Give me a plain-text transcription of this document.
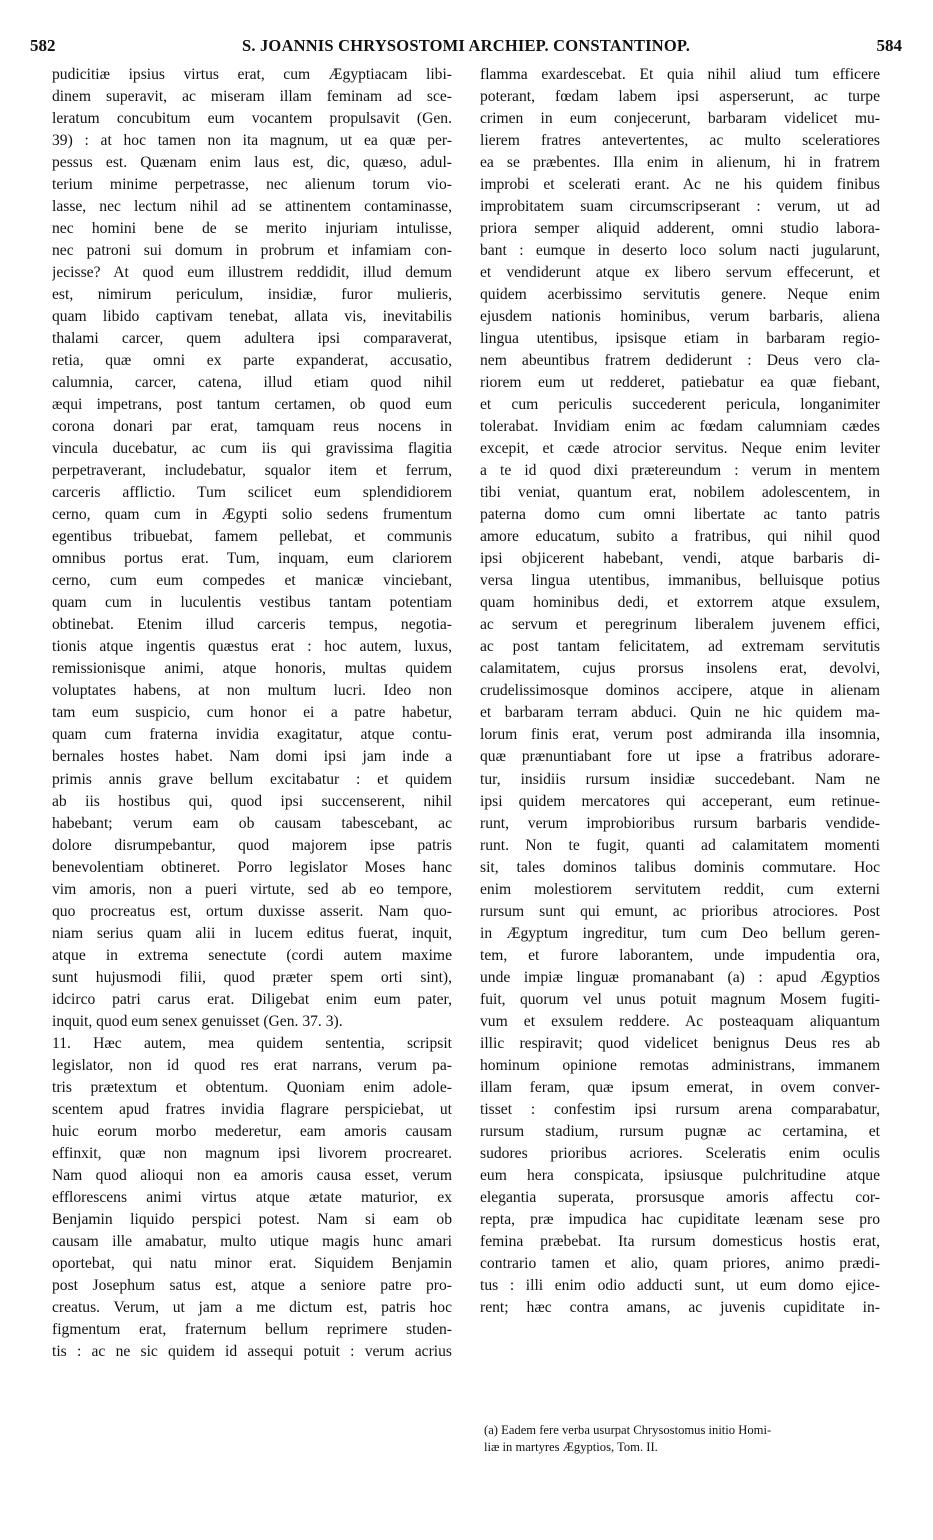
582	S. JOANNIS CHRYSOSTOMI ARCHIEP. CONSTANTINOP.	584
pudicitiæ ipsius virtus erat, cum Ægyptiacam libi-
dinem superavit, ac miseram illam feminam ad sce-
leratum concubitum eum vocantem propulsavit (Gen.
39) : at hoc tamen non ita magnum, ut ea quæ per-
pessus est. Quænam enim laus est, dic, quæso, adul-
terium minime perpetrasse, nec alienum torum vio-
lasse, nec lectum nihil ad se attinentem contaminasse,
nec homini bene de se merito injuriam intulisse,
nec patroni sui domum in probrum et infamiam con-
jecisse? At quod eum illustrem reddidit, illud demum
est, nimirum periculum, insidiæ, furor mulieris,
quam libido captivam tenebat, allata vis, inevitabilis
thalami carcer, quem adultera ipsi comparaverat,
retia, quæ omni ex parte expanderat, accusatio,
calumnia, carcer, catena, illud etiam quod nihil
æqui impetrans, post tantum certamen, ob quod eum
corona donari par erat, tamquam reus nocens in
vincula ducebatur, ac cum iis qui gravissima flagitia
perpetraverant, includebatur, squalor item et ferrum,
carceris afflictio. Tum scilicet eum splendidiorem
cerno, quam cum in Ægypti solio sedens frumentum
egentibus tribuebat, famem pellebat, et communis
omnibus portus erat. Tum, inquam, eum clariorem
cerno, cum eum compedes et manicæ vinciebant,
quam cum in luculentis vestibus tantam potentiam
obtinebat. Etenim illud carceris tempus, negotia-
tionis atque ingentis quæstus erat : hoc autem, luxus,
remissionisque animi, atque honoris, multas quidem
voluptates habens, at non multum lucri. Ideo non
tam eum suspicio, cum honor ei a patre habetur,
quam cum fraterna invidia exagitatur, atque contu-
bernales hostes habet. Nam domi ipsi jam inde a
primis annis grave bellum excitabatur : et quidem
ab iis hostibus qui, quod ipsi succenserent, nihil
habebant; verum eam ob causam tabescebant, ac
dolore disrumpebantur, quod majorem ipse patris
benevolentiam obtineret. Porro legislator Moses hanc
vim amoris, non a pueri virtute, sed ab eo tempore,
quo procreatus est, ortum duxisse asserit. Nam quo-
niam serius quam alii in lucem editus fuerat, inquit,
atque in extrema senectute (cordi autem maxime
sunt hujusmodi filii, quod præter spem orti sint),
idcirco patri carus erat. Diligebat enim eum pater,
inquit, quod eum senex genuisset (Gen. 37. 3).
11. Hæc autem, mea quidem sententia, scripsit
legislator, non id quod res erat narrans, verum pa-
tris prætextum et obtentum. Quoniam enim adole-
scentem apud fratres invidia flagrare perspiciebat, ut
huic eorum morbo mederetur, eam amoris causam
effinxit, quæ non magnum ipsi livorem procrearet.
Nam quod alioqui non ea amoris causa esset, verum
efflorescens animi virtus atque ætate maturior, ex
Benjamin liquido perspici potest. Nam si eam ob
causam ille amabatur, multo utique magis hunc amari
oportebat, qui natu minor erat. Siquidem Benjamin
post Josephum satus est, atque a seniore patre pro-
creatus. Verum, ut jam a me dictum est, patris hoc
figmentum erat, fraternum bellum reprimere studen-
tis : ac ne sic quidem id assequi potuit : verum acrius
flamma exardescebat. Et quia nihil aliud tum efficere
poterant, fœdam labem ipsi asperserunt, ac turpe
crimen in eum conjecerunt, barbaram videlicet mu-
lierem fratres antevertentes, ac multo sceleratiores
ea se præbentes. Illa enim in alienum, hi in fratrem
improbi et scelerati erant. Ac ne his quidem finibus
improbitatem suam circumscripserant : verum, ut ad
priora semper aliquid adderent, omni studio labora-
bant : eumque in deserto loco solum nacti jugularunt,
et vendiderunt atque ex libero servum effecerunt, et
quidem acerbissimo servitutis genere. Neque enim
ejusdem nationis hominibus, verum barbaris, aliena
lingua utentibus, ipsisque etiam in barbaram regio-
nem abeuntibus fratrem dediderunt : Deus vero cla-
riorem eum ut redderet, patiebatur ea quæ fiebant,
et cum periculis succederent pericula, longanimiter
tolerabat. Invidiam enim ac fœdam calumniam cædes
excepit, et cæde atrocior servitus. Neque enim leviter
a te id quod dixi prætereundum : verum in mentem
tibi veniat, quantum erat, nobilem adolescentem, in
paterna domo cum omni libertate ac tanto patris
amore educatum, subito a fratribus, qui nihil quod
ipsi objicerent habebant, vendi, atque barbaris di-
versa lingua utentibus, immanibus, belluisque potius
quam hominibus dedi, et extorrem atque exsulem,
ac servum et peregrinum liberalem juvenem effici,
ac post tantam felicitatem, ad extremam servitutis
calamitatem, cujus prorsus insolens erat, devolvi,
crudelissimosque dominos accipere, atque in alienam
et barbaram terram abduci. Quin ne hic quidem ma-
lorum finis erat, verum post admiranda illa insomnia,
quæ prænuntiabant fore ut ipse a fratribus adorare-
tur, insidiis rursum insidiæ succedebant. Nam ne
ipsi quidem mercatores qui acceperant, eum retinue-
runt, verum improbioribus rursum barbaris vendide-
runt. Non te fugit, quanti ad calamitatem momenti
sit, tales dominos talibus dominis commutare. Hoc
enim molestiorem servitutem reddit, cum externi
rursum sunt qui emunt, ac prioribus atrociores. Post
in Ægyptum ingreditur, tum cum Deo bellum geren-
tem, et furore laborantem, unde impudentia ora,
unde impiæ linguæ promanabant (a) : apud Ægyptios
fuit, quorum vel unus potuit magnum Mosem fugiti-
vum et exsulem reddere. Ac posteaquam aliquantum
illic respiravit; quod videlicet benignus Deus res ab
hominum opinione remotas administrans, immanem
illam feram, quæ ipsum emerat, in ovem conver-
tisset : confestim ipsi rursum arena comparabatur,
rursum stadium, rursum pugnæ ac certamina, et
sudores prioribus acriores. Sceleratis enim oculis
eum hera conspicata, ipsiusque pulchritudine atque
elegantia superata, prorsusque amoris affectu cor-
repta, præ impudica hac cupiditate leænam sese pro
femina præbebat. Ita rursum domesticus hostis erat,
contrario tamen et alio, quam priores, animo prædi-
tus : illi enim odio adducti sunt, ut eum domo ejice-
rent; hæc contra amans, ac juvenis cupiditate in-
(a) Eadem fere verba usurpat Chrysostomus initio Homi-
liæ in martyres Ægyptios, Tom. II.
